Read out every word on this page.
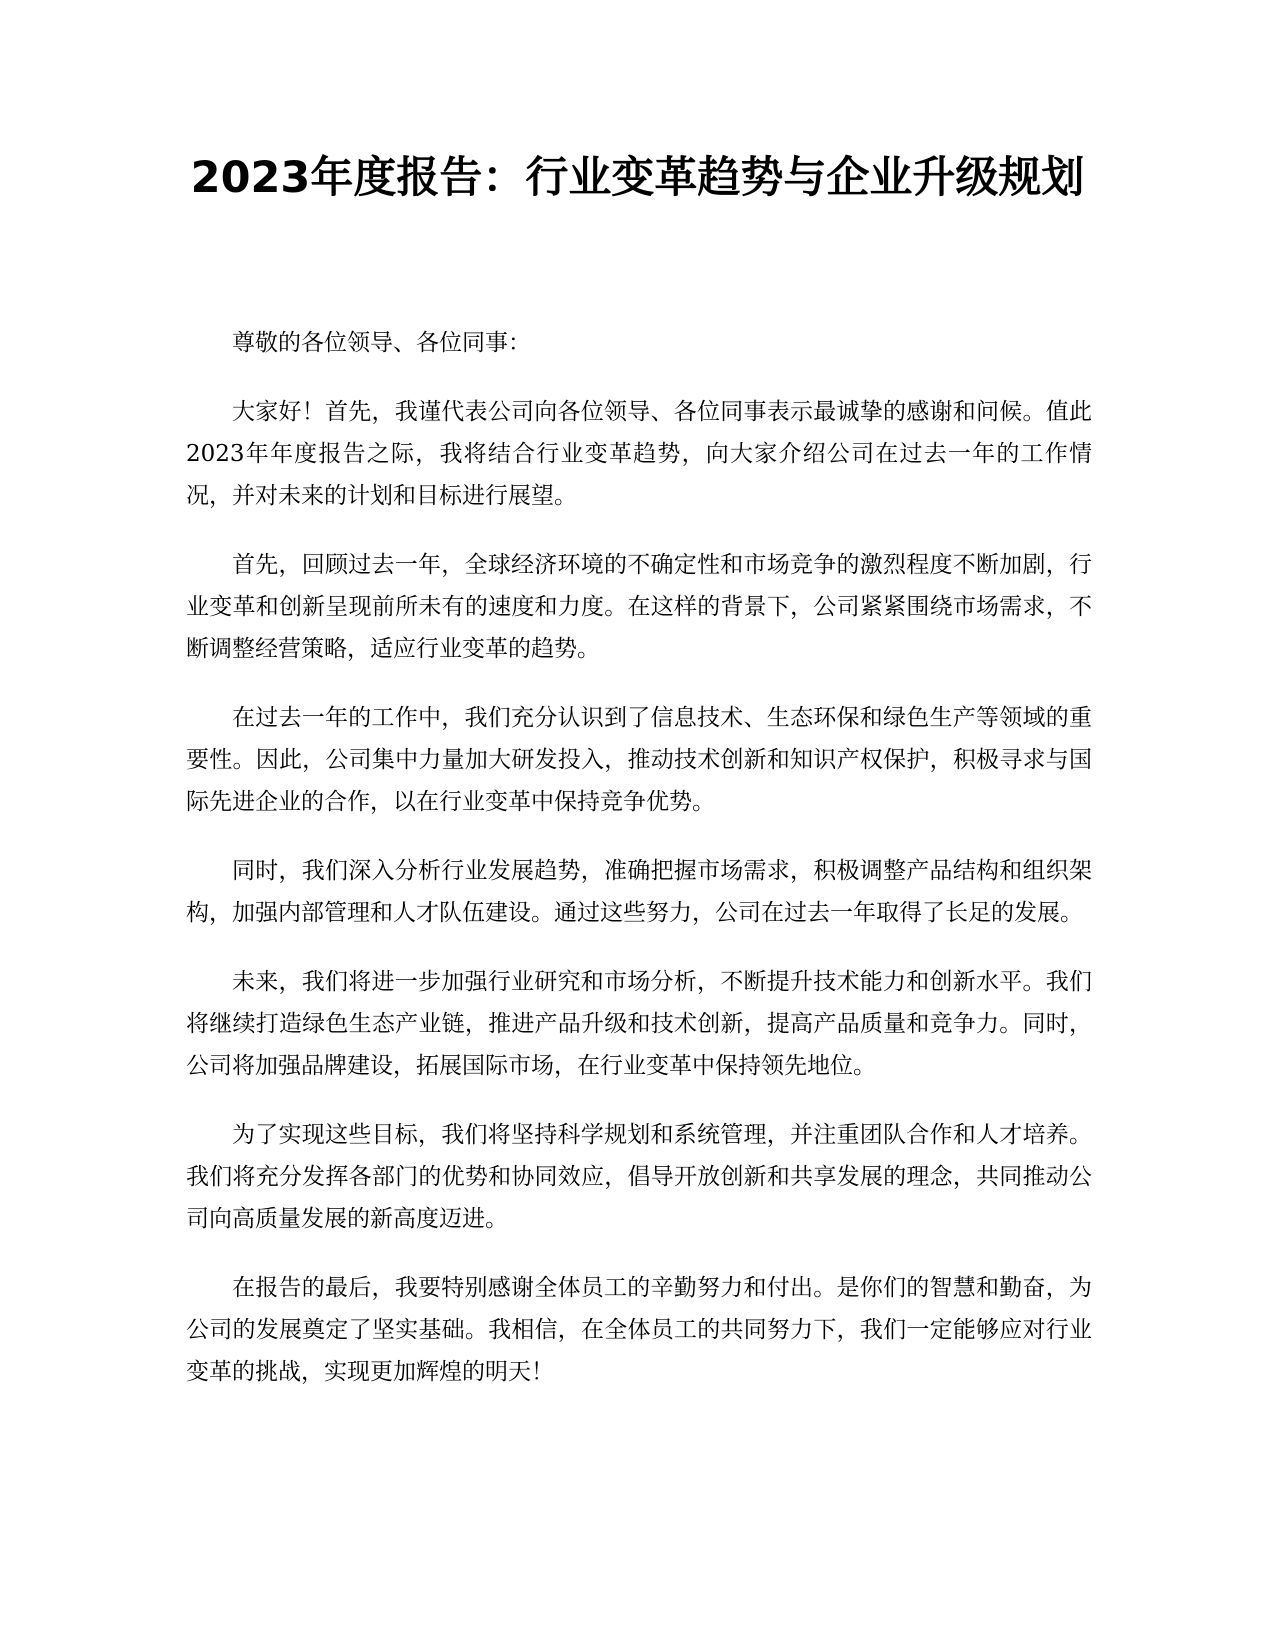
2023年度报告：行业变革趋势与企业升级规划

尊敬的各位领导、各位同事：

大家好！首先，我谨代表公司向各位领导、各位同事表示最诚挚的感谢和问候。值此2023年年度报告之际，我将结合行业变革趋势，向大家介绍公司在过去一年的工作情况，并对未来的计划和目标进行展望。

首先，回顾过去一年，全球经济环境的不确定性和市场竞争的激烈程度不断加剧，行业变革和创新呈现前所未有的速度和力度。在这样的背景下，公司紧紧围绕市场需求，不断调整经营策略，适应行业变革的趋势。

在过去一年的工作中，我们充分认识到了信息技术、生态环保和绿色生产等领域的重要性。因此，公司集中力量加大研发投入，推动技术创新和知识产权保护，积极寻求与国际先进企业的合作，以在行业变革中保持竞争优势。

同时，我们深入分析行业发展趋势，准确把握市场需求，积极调整产品结构和组织架构，加强内部管理和人才队伍建设。通过这些努力，公司在过去一年取得了长足的发展。

未来，我们将进一步加强行业研究和市场分析，不断提升技术能力和创新水平。我们将继续打造绿色生态产业链，推进产品升级和技术创新，提高产品质量和竞争力。同时，公司将加强品牌建设，拓展国际市场，在行业变革中保持领先地位。

为了实现这些目标，我们将坚持科学规划和系统管理，并注重团队合作和人才培养。我们将充分发挥各部门的优势和协同效应，倡导开放创新和共享发展的理念，共同推动公司向高质量发展的新高度迈进。

在报告的最后，我要特别感谢全体员工的辛勤努力和付出。是你们的智慧和勤奋，为公司的发展奠定了坚实基础。我相信，在全体员工的共同努力下，我们一定能够应对行业变革的挑战，实现更加辉煌的明天！
